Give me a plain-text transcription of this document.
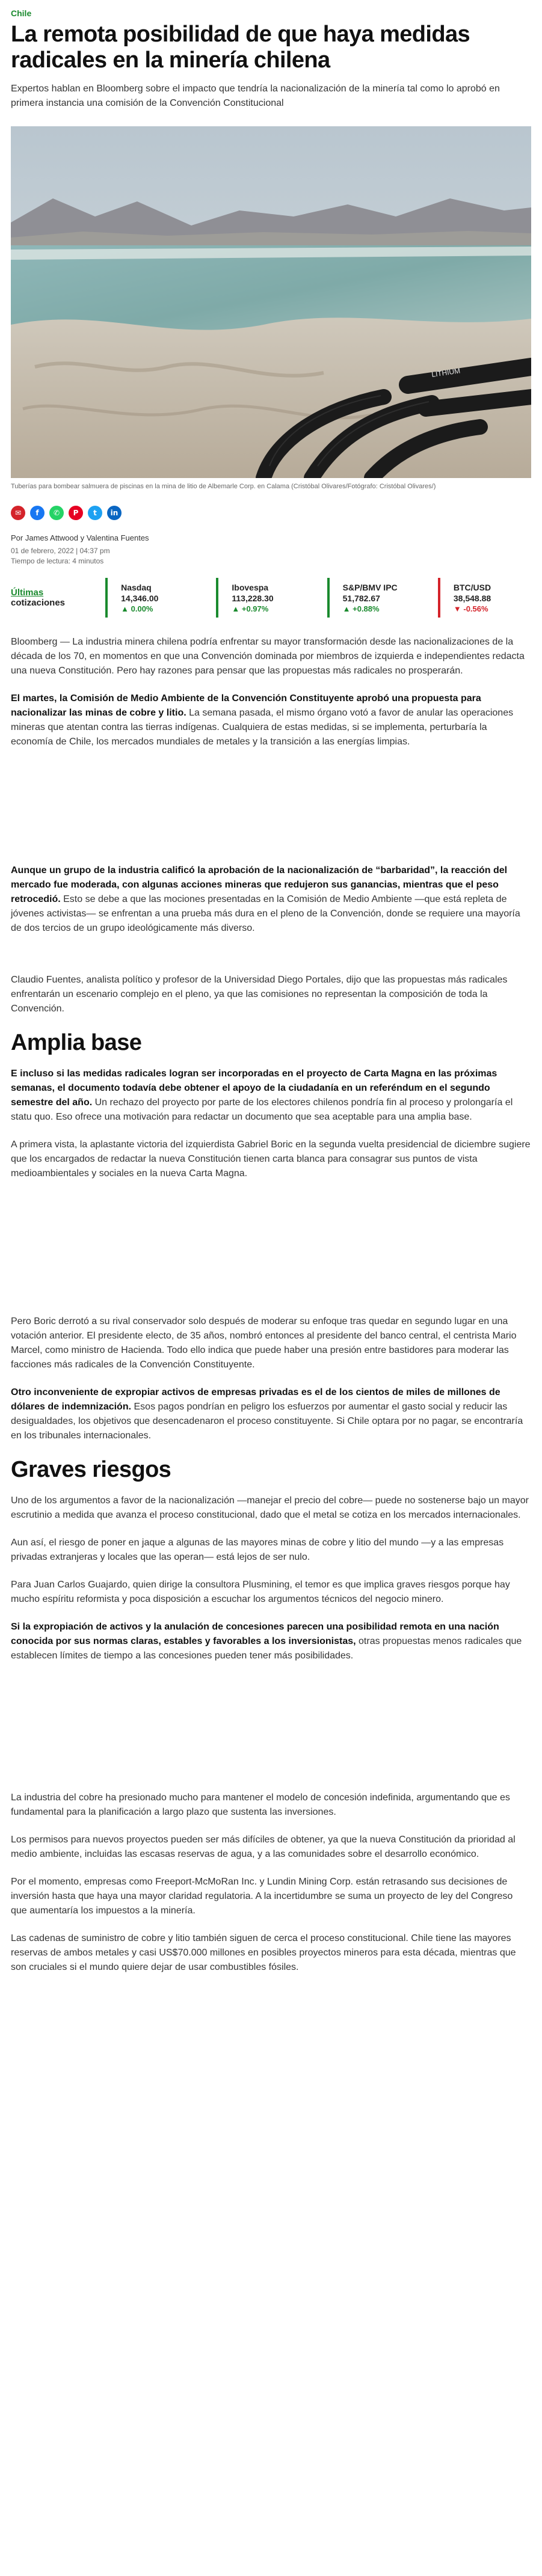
Chile
La remota posibilidad de que haya medidas radicales en la minería chilena

Expertos hablan en Bloomberg sobre el impacto que tendría la nacionalización de la minería tal como lo aprobó en primera instancia una comisión de la Convención Constitucional

LITHIUM

Tuberías para bombear salmuera de piscinas en la mina de litio de Albemarle Corp. en Calama (Cristóbal Olivares/Fotógrafo: Cristóbal Olivares/)

✉	f	✆	P	t	in

Por James Attwood y Valentina Fuentes

01 de febrero, 2022 | 04:37 pm

Tiempo de lectura: 4 minutos

Últimas
cotizaciones
Nasdaq
14,346.00
▲ 0.00%
Ibovespa
113,228.30
▲ +0.97%
S&P/BMV IPC
51,782.67
▲ +0.88%
BTC/USD
38,548.88
▼ -0.56%

Bloomberg — La industria minera chilena podría enfrentar su mayor transformación desde las nacionalizaciones de la década de los 70, en momentos en que una Convención dominada por miembros de izquierda e independientes redacta una nueva Constitución. Pero hay razones para pensar que las propuestas más radicales no prosperarán.

El martes, la Comisión de Medio Ambiente de la Convención Constituyente aprobó una propuesta para nacionalizar las minas de cobre y litio. La semana pasada, el mismo órgano votó a favor de anular las operaciones mineras que atentan contra las tierras indígenas. Cualquiera de estas medidas, si se implementa, perturbaría la economía de Chile, los mercados mundiales de metales y la transición a las energías limpias.

Aunque un grupo de la industria calificó la aprobación de la nacionalización de “barbaridad”, la reacción del mercado fue moderada, con algunas acciones mineras que redujeron sus ganancias, mientras que el peso retrocedió. Esto se debe a que las mociones presentadas en la Comisión de Medio Ambiente —que está repleta de jóvenes activistas— se enfrentan a una prueba más dura en el pleno de la Convención, donde se requiere una mayoría de dos tercios de un grupo ideológicamente más diverso.

Claudio Fuentes, analista político y profesor de la Universidad Diego Portales, dijo que las propuestas más radicales enfrentarán un escenario complejo en el pleno, ya que las comisiones no representan la composición de toda la Convención.

Amplia base

E incluso si las medidas radicales logran ser incorporadas en el proyecto de Carta Magna en las próximas semanas, el documento todavía debe obtener el apoyo de la ciudadanía en un referéndum en el segundo semestre del año. Un rechazo del proyecto por parte de los electores chilenos pondría fin al proceso y prolongaría el statu quo. Eso ofrece una motivación para redactar un documento que sea aceptable para una amplia base.

A primera vista, la aplastante victoria del izquierdista Gabriel Boric en la segunda vuelta presidencial de diciembre sugiere que los encargados de redactar la nueva Constitución tienen carta blanca para consagrar sus puntos de vista medioambientales y sociales en la nueva Carta Magna.

Pero Boric derrotó a su rival conservador solo después de moderar su enfoque tras quedar en segundo lugar en una votación anterior. El presidente electo, de 35 años, nombró entonces al presidente del banco central, el centrista Mario Marcel, como ministro de Hacienda. Todo ello indica que puede haber una presión entre bastidores para moderar las facciones más radicales de la Convención Constituyente.

Otro inconveniente de expropiar activos de empresas privadas es el de los cientos de miles de millones de dólares de indemnización. Esos pagos pondrían en peligro los esfuerzos por aumentar el gasto social y reducir las desigualdades, los objetivos que desencadenaron el proceso constituyente. Si Chile optara por no pagar, se encontraría en los tribunales internacionales.

Graves riesgos

Uno de los argumentos a favor de la nacionalización —manejar el precio del cobre— puede no sostenerse bajo un mayor escrutinio a medida que avanza el proceso constitucional, dado que el metal se cotiza en los mercados internacionales.

Aun así, el riesgo de poner en jaque a algunas de las mayores minas de cobre y litio del mundo —y a las empresas privadas extranjeras y locales que las operan— está lejos de ser nulo.

Para Juan Carlos Guajardo, quien dirige la consultora Plusmining, el temor es que implica graves riesgos porque hay mucho espíritu reformista y poca disposición a escuchar los argumentos técnicos del negocio minero.

Si la expropiación de activos y la anulación de concesiones parecen una posibilidad remota en una nación conocida por sus normas claras, estables y favorables a los inversionistas, otras propuestas menos radicales que establecen límites de tiempo a las concesiones pueden tener más posibilidades.

La industria del cobre ha presionado mucho para mantener el modelo de concesión indefinida, argumentando que es fundamental para la planificación a largo plazo que sustenta las inversiones.

Los permisos para nuevos proyectos pueden ser más difíciles de obtener, ya que la nueva Constitución da prioridad al medio ambiente, incluidas las escasas reservas de agua, y a las comunidades sobre el desarrollo económico.

Por el momento, empresas como Freeport-McMoRan Inc. y Lundin Mining Corp. están retrasando sus decisiones de inversión hasta que haya una mayor claridad regulatoria. A la incertidumbre se suma un proyecto de ley del Congreso que aumentaría los impuestos a la minería.

Las cadenas de suministro de cobre y litio también siguen de cerca el proceso constitucional. Chile tiene las mayores reservas de ambos metales y casi US$70.000 millones en posibles proyectos mineros para esta década, mientras que son cruciales si el mundo quiere dejar de usar combustibles fósiles.
